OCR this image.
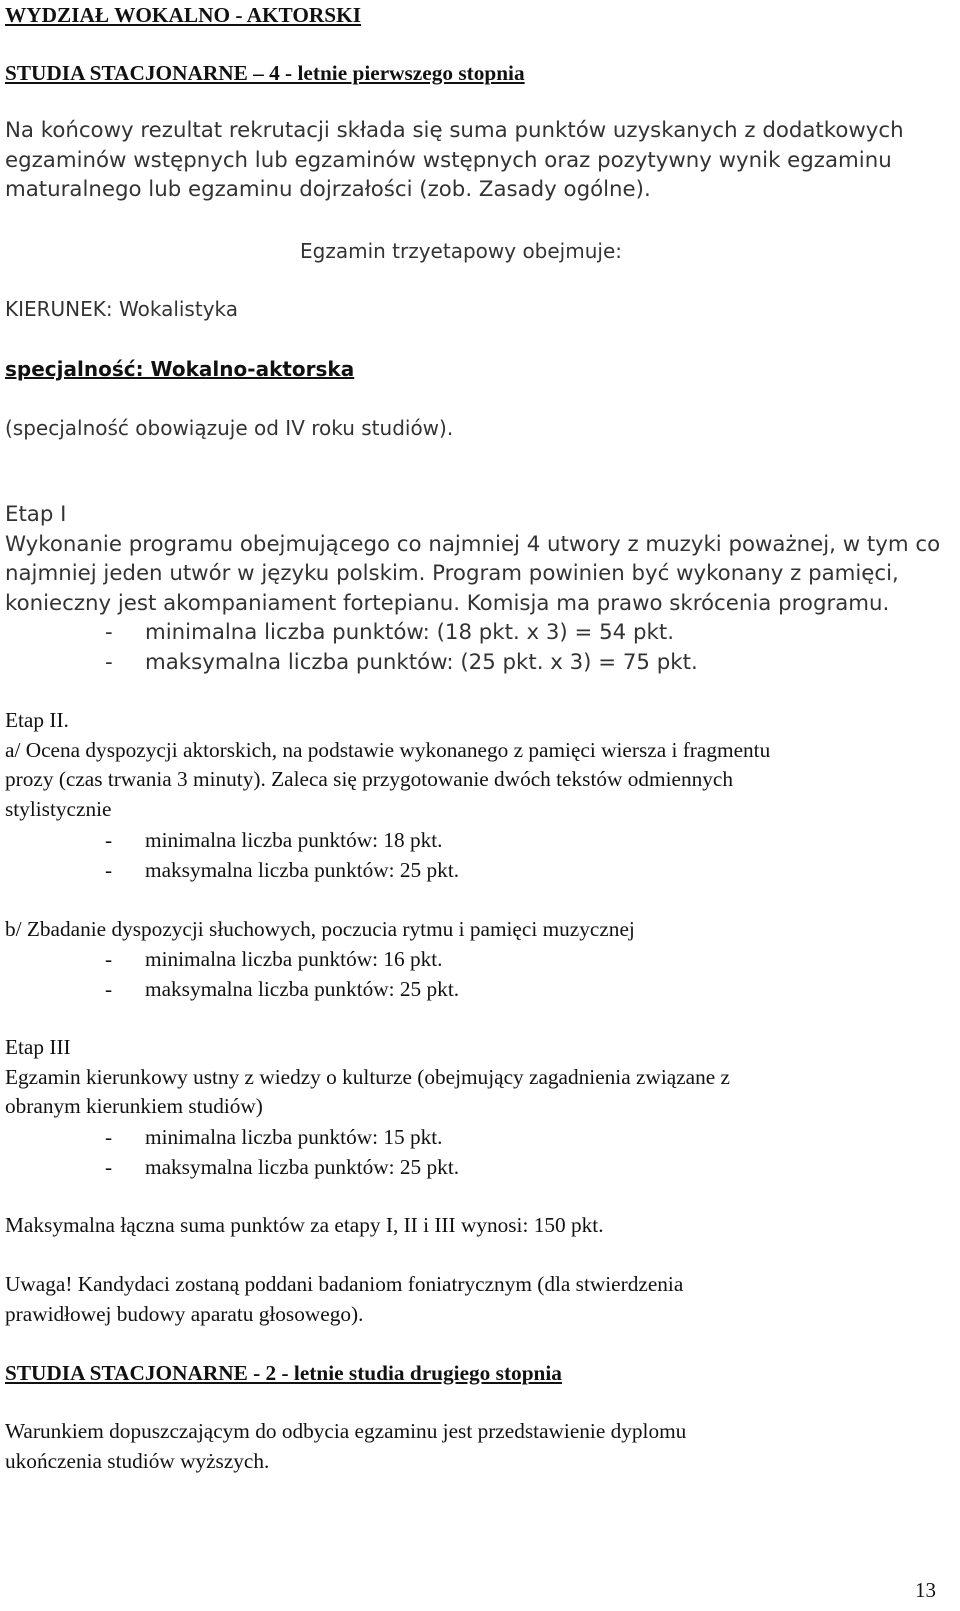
WYDZIAŁ WOKALNO - AKTORSKI
STUDIA STACJONARNE – 4 - letnie pierwszego stopnia
Na końcowy rezultat rekrutacji składa się suma punktów uzyskanych z dodatkowych
egzaminów wstępnych lub egzaminów wstępnych oraz pozytywny wynik egzaminu
maturalnego lub egzaminu dojrzałości (zob. Zasady ogólne).
Egzamin trzyetapowy obejmuje:
KIERUNEK: Wokalistyka
specjalność: Wokalno-aktorska
(specjalność obowiązuje od IV roku studiów).
Etap I
Wykonanie programu obejmującego co najmniej 4 utwory z muzyki poważnej, w tym co
najmniej jeden utwór w języku polskim. Program powinien być wykonany z pamięci,
konieczny jest akompaniament fortepianu. Komisja ma prawo skrócenia programu.
- minimalna liczba punktów: (18 pkt. x 3) = 54 pkt.
- maksymalna liczba punktów: (25 pkt. x 3) = 75 pkt.
Etap II.
a/ Ocena dyspozycji aktorskich, na podstawie wykonanego z pamięci wiersza i fragmentu
prozy (czas trwania 3 minuty). Zaleca się przygotowanie dwóch tekstów odmiennych
stylistycznie
- minimalna liczba punktów: 18 pkt.
- maksymalna liczba punktów: 25 pkt.
b/ Zbadanie dyspozycji słuchowych, poczucia rytmu i pamięci muzycznej
- minimalna liczba punktów: 16 pkt.
- maksymalna liczba punktów: 25 pkt.
Etap III
Egzamin kierunkowy ustny z wiedzy o kulturze (obejmujący zagadnienia związane z
obranym kierunkiem studiów)
- minimalna liczba punktów: 15 pkt.
- maksymalna liczba punktów: 25 pkt.
Maksymalna łączna suma punktów za etapy I, II i III wynosi: 150 pkt.
Uwaga! Kandydaci zostaną poddani badaniom foniatrycznym (dla stwierdzenia
prawidłowej budowy aparatu głosowego).
STUDIA STACJONARNE - 2 - letnie studia drugiego stopnia
Warunkiem dopuszczającym do odbycia egzaminu jest przedstawienie dyplomu
ukończenia studiów wyższych.
13
